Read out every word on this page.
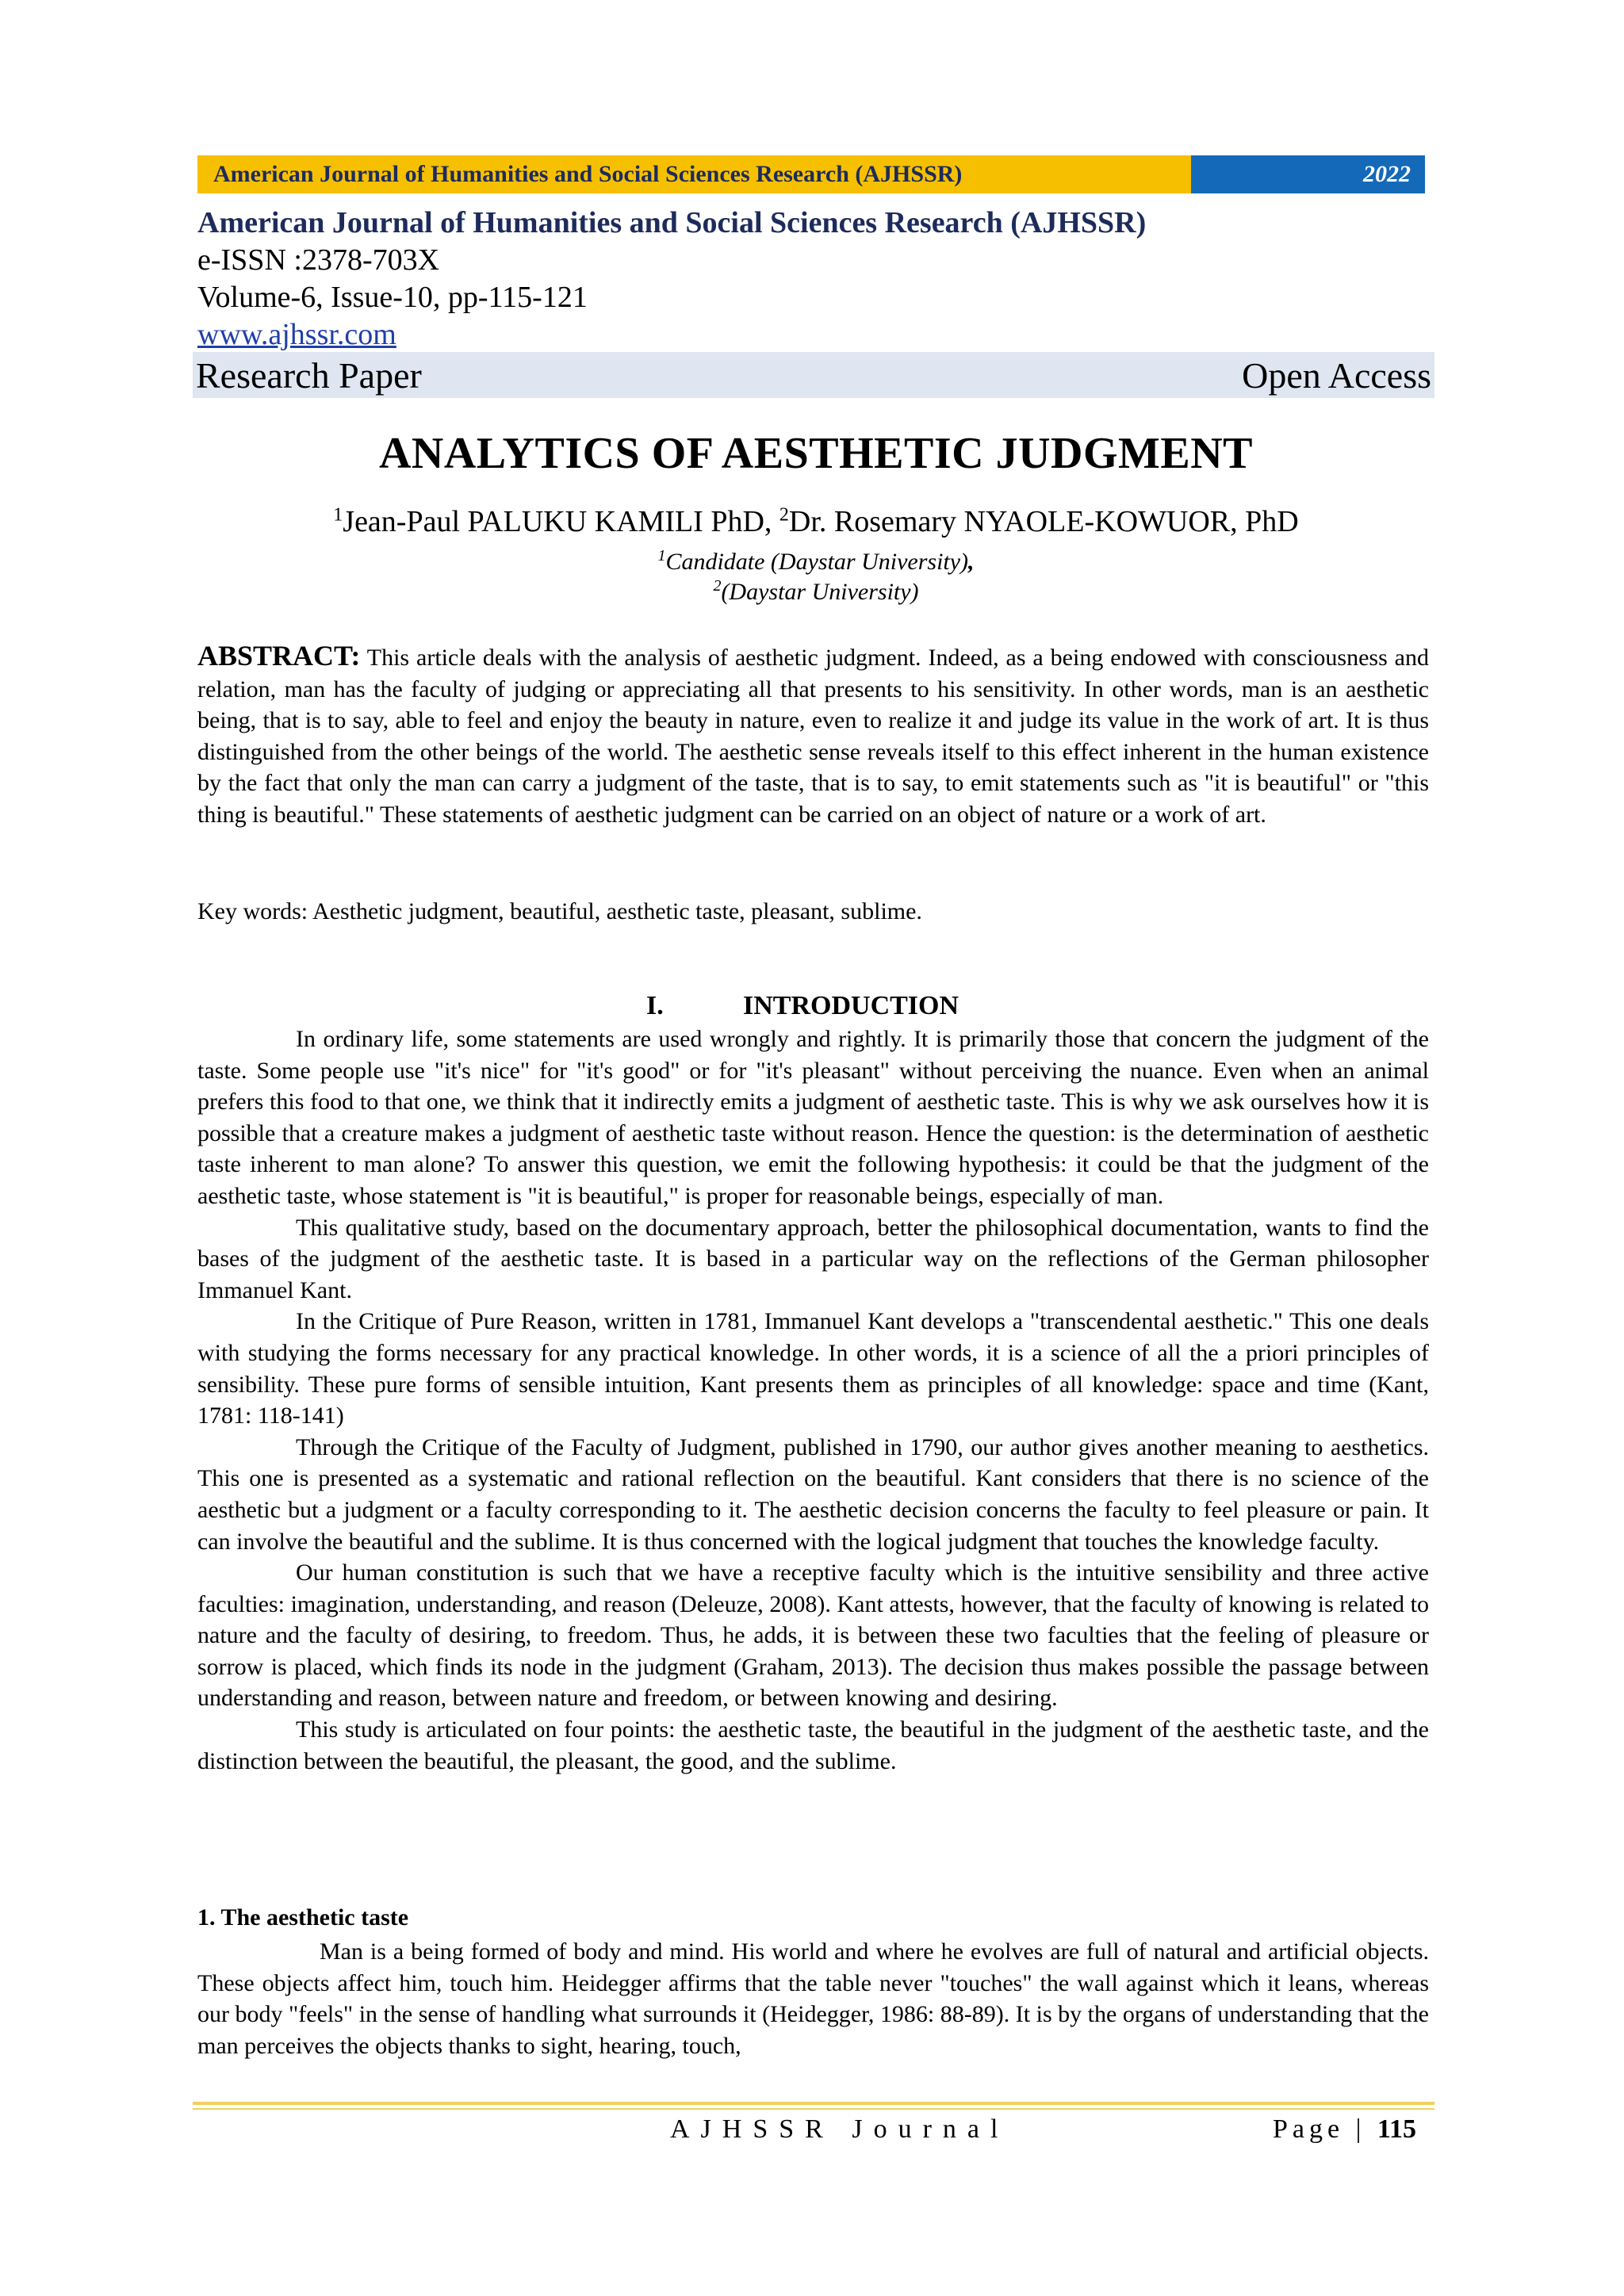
American Journal of Humanities and Social Sciences Research (AJHSSR)	2022
American Journal of Humanities and Social Sciences Research (AJHSSR)
e-ISSN :2378-703X
Volume-6, Issue-10, pp-115-121
www.ajhssr.com
Research Paper	Open Access
ANALYTICS OF AESTHETIC JUDGMENT
$^1$Jean-Paul PALUKU KAMILI PhD, $^2$Dr. Rosemary NYAOLE-KOWUOR, PhD
$^1$Candidate (Daystar University),
$^2$(Daystar University)

ABSTRACT: This article deals with the analysis of aesthetic judgment. Indeed, as a being endowed with consciousness and relation, man has the faculty of judging or appreciating all that presents to his sensitivity. In other words, man is an aesthetic being, that is to say, able to feel and enjoy the beauty in nature, even to realize it and judge its value in the work of art. It is thus distinguished from the other beings of the world. The aesthetic sense reveals itself to this effect inherent in the human existence by the fact that only the man can carry a judgment of the taste, that is to say, to emit statements such as "it is beautiful" or "this thing is beautiful." These statements of aesthetic judgment can be carried on an object of nature or a work of art.

Key words: Aesthetic judgment, beautiful, aesthetic taste, pleasant, sublime.
I.	INTRODUCTION

In ordinary life, some statements are used wrongly and rightly. It is primarily those that concern the judgment of the taste. Some people use "it's nice" for "it's good" or for "it's pleasant" without perceiving the nuance. Even when an animal prefers this food to that one, we think that it indirectly emits a judgment of aesthetic taste. This is why we ask ourselves how it is possible that a creature makes a judgment of aesthetic taste without reason. Hence the question: is the determination of aesthetic taste inherent to man alone? To answer this question, we emit the following hypothesis: it could be that the judgment of the aesthetic taste, whose statement is "it is beautiful," is proper for reasonable beings, especially of man.

This qualitative study, based on the documentary approach, better the philosophical documentation, wants to find the bases of the judgment of the aesthetic taste. It is based in a particular way on the reflections of the German philosopher Immanuel Kant.

In the Critique of Pure Reason, written in 1781, Immanuel Kant develops a "transcendental aesthetic." This one deals with studying the forms necessary for any practical knowledge. In other words, it is a science of all the a priori principles of sensibility. These pure forms of sensible intuition, Kant presents them as principles of all knowledge: space and time (Kant, 1781: 118-141)

Through the Critique of the Faculty of Judgment, published in 1790, our author gives another meaning to aesthetics. This one is presented as a systematic and rational reflection on the beautiful. Kant considers that there is no science of the aesthetic but a judgment or a faculty corresponding to it. The aesthetic decision concerns the faculty to feel pleasure or pain. It can involve the beautiful and the sublime. It is thus concerned with the logical judgment that touches the knowledge faculty.

Our human constitution is such that we have a receptive faculty which is the intuitive sensibility and three active faculties: imagination, understanding, and reason (Deleuze, 2008). Kant attests, however, that the faculty of knowing is related to nature and the faculty of desiring, to freedom. Thus, he adds, it is between these two faculties that the feeling of pleasure or sorrow is placed, which finds its node in the judgment (Graham, 2013). The decision thus makes possible the passage between understanding and reason, between nature and freedom, or between knowing and desiring.

This study is articulated on four points: the aesthetic taste, the beautiful in the judgment of the aesthetic taste, and the distinction between the beautiful, the pleasant, the good, and the sublime.

1. The aesthetic taste

Man is a being formed of body and mind. His world and where he evolves are full of natural and artificial objects. These objects affect him, touch him. Heidegger affirms that the table never "touches" the wall against which it leans, whereas our body "feels" in the sense of handling what surrounds it (Heidegger, 1986: 88-89). It is by the organs of understanding that the man perceives the objects thanks to sight, hearing, touch,

AJHSSR Journal	Page | 115
